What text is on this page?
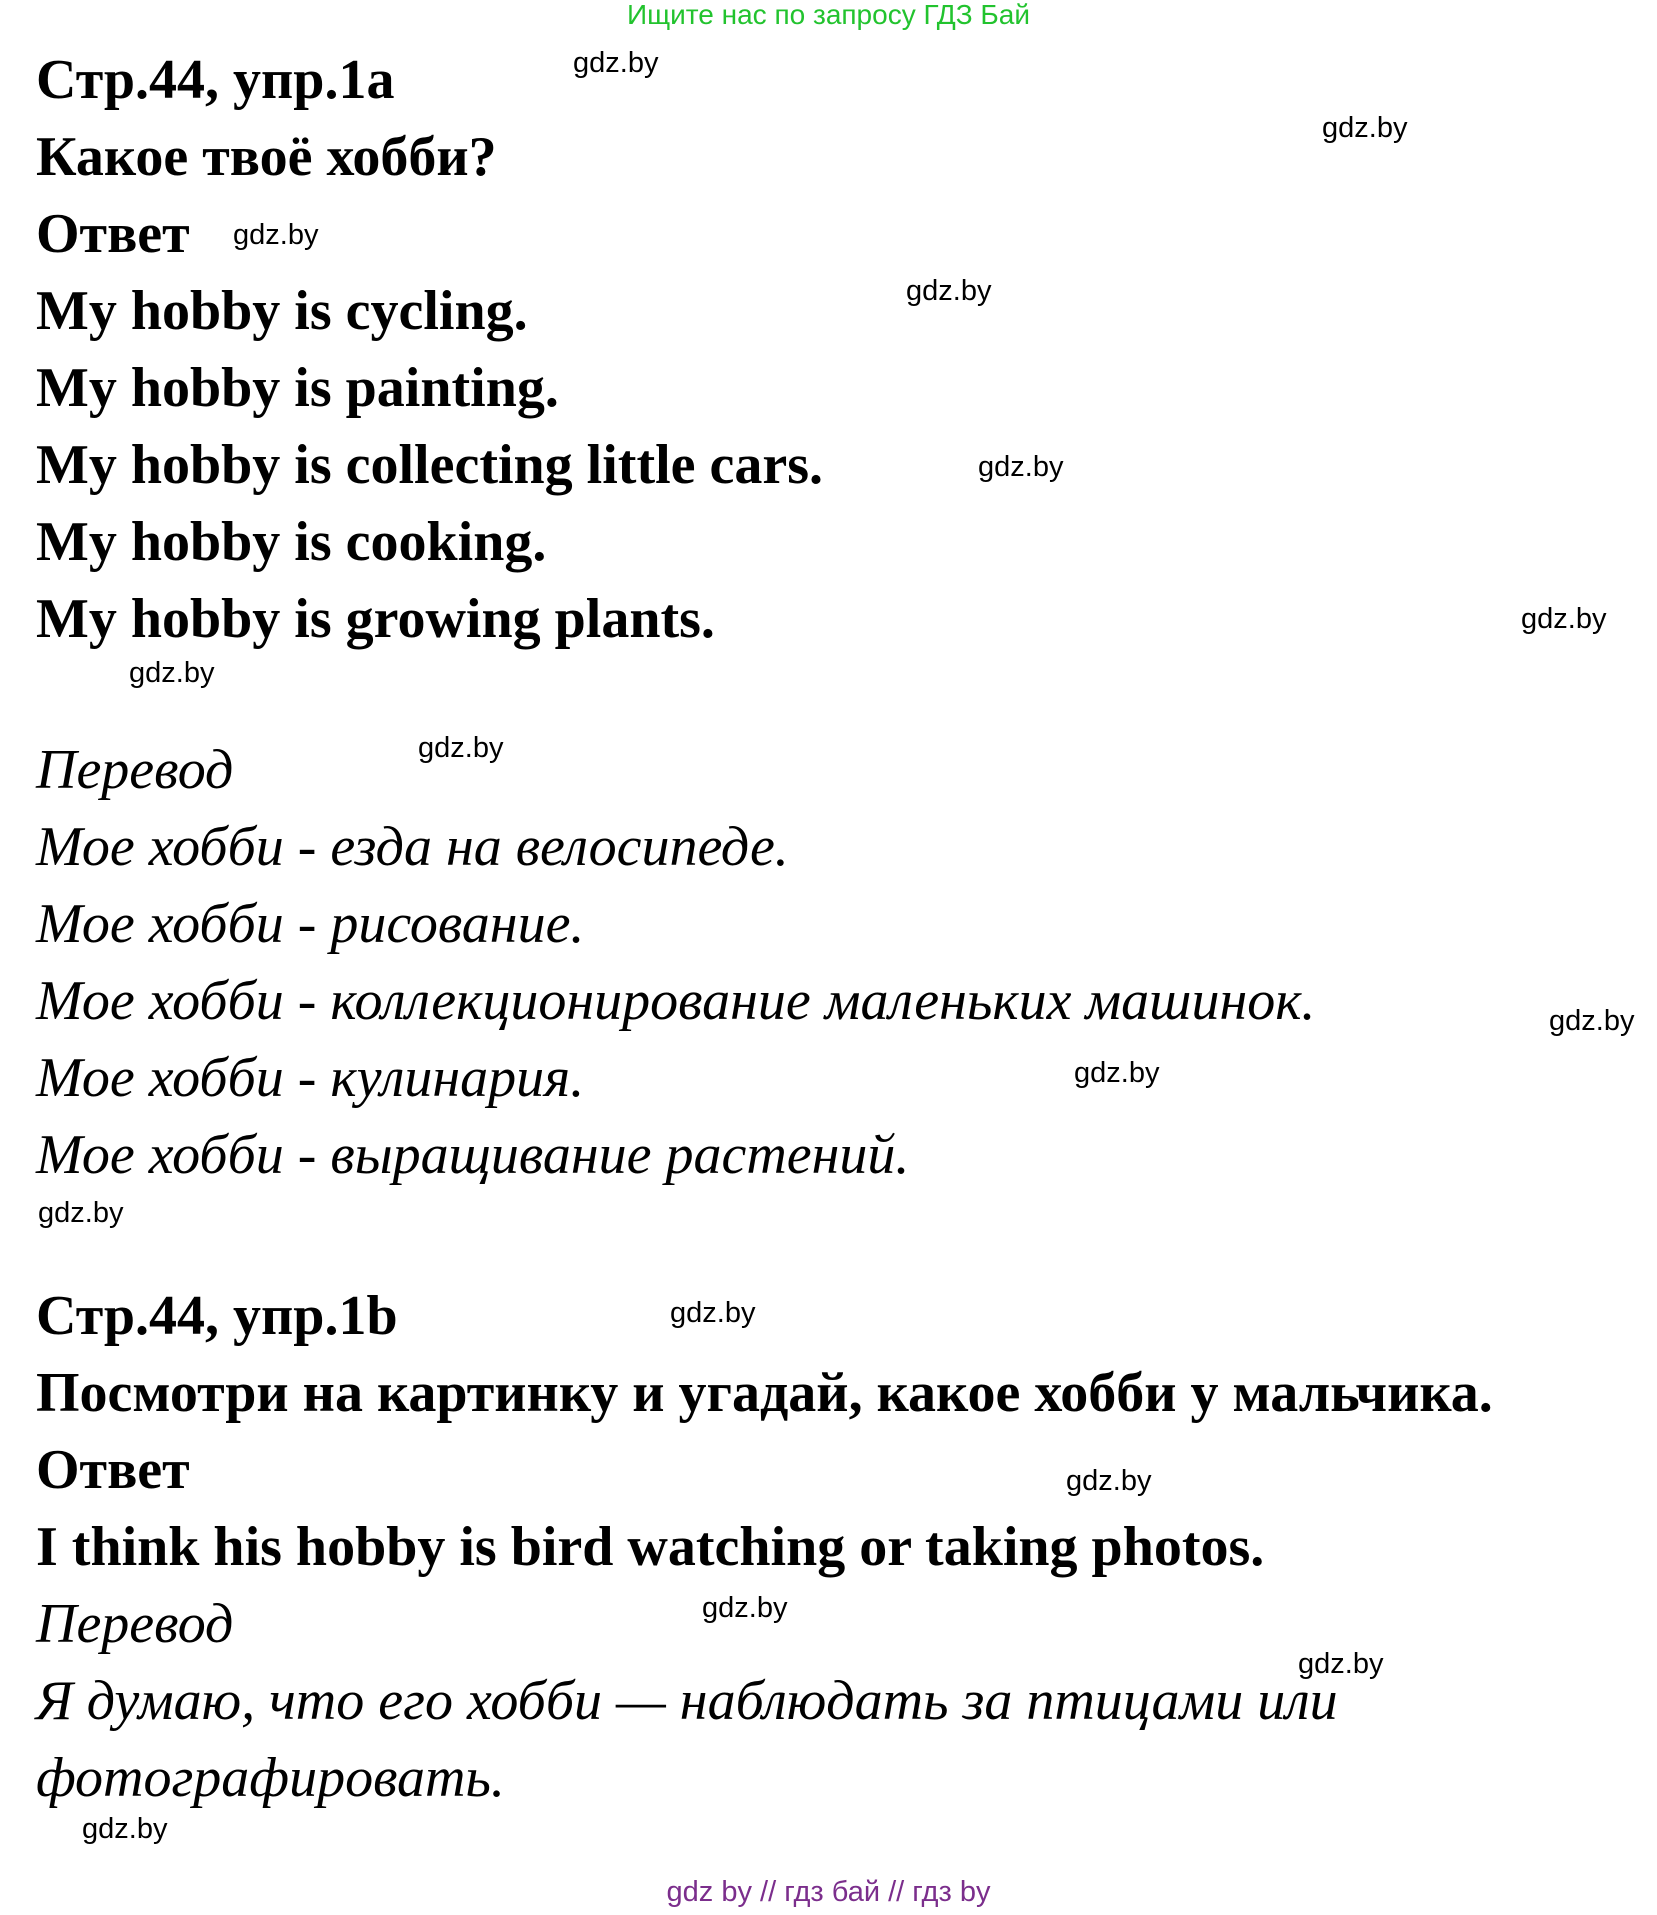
Ищите нас по запросу ГДЗ Бай
Стр.44, упр.1a
Какое твоё хобби?
Ответ
My hobby is cycling.
My hobby is painting.
My hobby is collecting little cars.
My hobby is cooking.
My hobby is growing plants.
Перевод
Мое хобби - езда на велосипеде.
Мое хобби - рисование.
Мое хобби - коллекционирование маленьких машинок.
Мое хобби - кулинария.
Мое хобби - выращивание растений.
Стр.44, упр.1b
Посмотри на картинку и угадай, какое хобби у мальчика.
Ответ
I think his hobby is bird watching or taking photos.
Перевод
Я думаю, что его хобби — наблюдать за птицами или
фотографировать.
gdz.by
gdz.by
gdz.by
gdz.by
gdz.by
gdz.by
gdz.by
gdz.by
gdz.by
gdz.by
gdz.by
gdz.by
gdz.by
gdz.by
gdz.by
gdz.by
gdz by // гдз бай // гдз by
